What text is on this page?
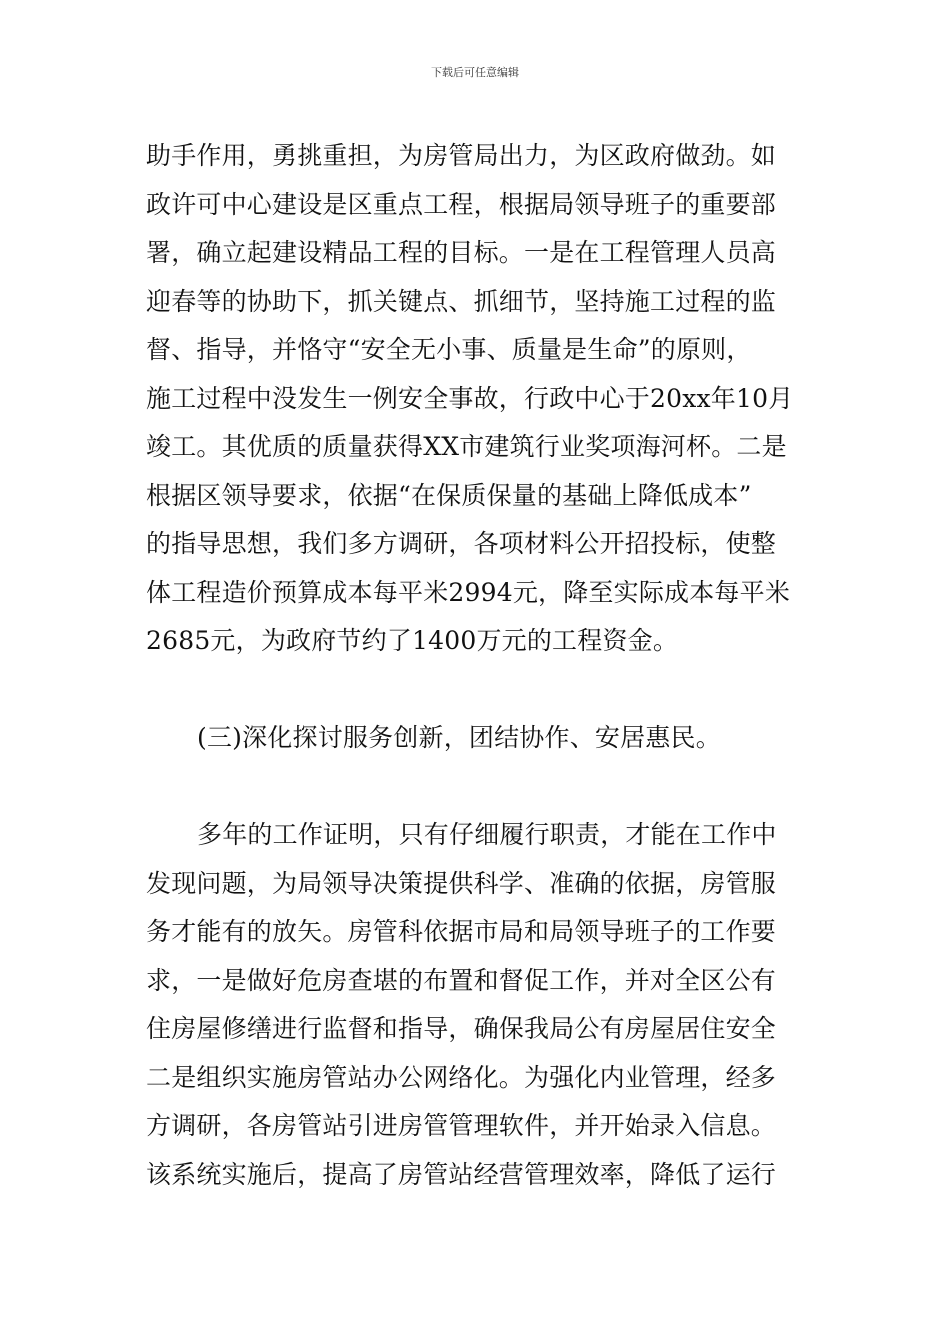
下载后可任意编辑
助手作用，勇挑重担，为房管局出力，为区政府做劲。如
政许可中心建设是区重点工程，根据局领导班子的重要部
署，确立起建设精品工程的目标。一是在工程管理人员高
迎春等的协助下，抓关键点、抓细节，坚持施工过程的监
督、指导，并恪守“安全无小事、质量是生命”的原则，
施工过程中没发生一例安全事故，行政中心于20xx年10月
竣工。其优质的质量获得XX市建筑行业奖项海河杯。二是
根据区领导要求，依据“在保质保量的基础上降低成本”
的指导思想，我们多方调研，各项材料公开招投标，使整
体工程造价预算成本每平米2994元，降至实际成本每平米
2685元，为政府节约了1400万元的工程资金。
(三)深化探讨服务创新，团结协作、安居惠民。
多年的工作证明，只有仔细履行职责，才能在工作中
发现问题，为局领导决策提供科学、准确的依据，房管服
务才能有的放矢。房管科依据市局和局领导班子的工作要
求，一是做好危房查堪的布置和督促工作，并对全区公有
住房屋修缮进行监督和指导，确保我局公有房屋居住安全
二是组织实施房管站办公网络化。为强化内业管理，经多
方调研，各房管站引进房管管理软件，并开始录入信息。
该系统实施后，提高了房管站经营管理效率，降低了运行
